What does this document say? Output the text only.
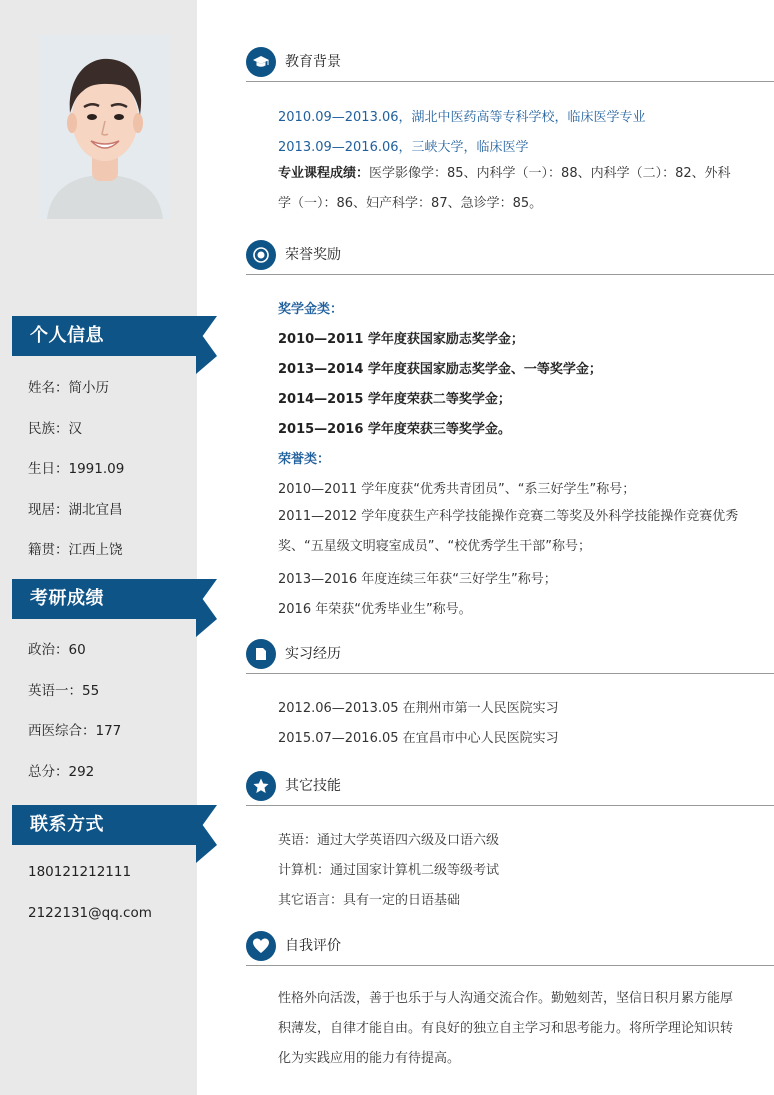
个人信息
姓名：简小历
民族：汉
生日：1991.09
现居：湖北宜昌
籍贯：江西上饶
考研成绩
政治：60
英语一：55
西医综合：177
总分：292
联系方式
180121212111
2122131@qq.com
教育背景
2010.09—2013.06，湖北中医药高等专科学校，临床医学专业
2013.09—2016.06，三峡大学，临床医学
专业课程成绩：医学影像学：85、内科学（一）：88、内科学（二）：82、外科学（一）：86、妇产科学：87、急诊学：85。
荣誉奖励
奖学金类：
2010—2011 学年度获国家励志奖学金；
2013—2014 学年度获国家励志奖学金、一等奖学金；
2014—2015 学年度荣获二等奖学金；
2015—2016 学年度荣获三等奖学金。
荣誉类：
2010—2011 学年度获“优秀共青团员”、“系三好学生”称号；
2011—2012 学年度获生产科学技能操作竞赛二等奖及外科学技能操作竞赛优秀奖、“五星级文明寝室成员”、“校优秀学生干部”称号；
2013—2016 年度连续三年获“三好学生”称号；
2016 年荣获“优秀毕业生”称号。
实习经历
2012.06—2013.05 在荆州市第一人民医院实习
2015.07—2016.05 在宜昌市中心人民医院实习
其它技能
英语：通过大学英语四六级及口语六级
计算机：通过国家计算机二级等级考试
其它语言：具有一定的日语基础
自我评价
性格外向活泼，善于也乐于与人沟通交流合作。勤勉刻苦，坚信日积月累方能厚积薄发，自律才能自由。有良好的独立自主学习和思考能力。将所学理论知识转化为实践应用的能力有待提高。
